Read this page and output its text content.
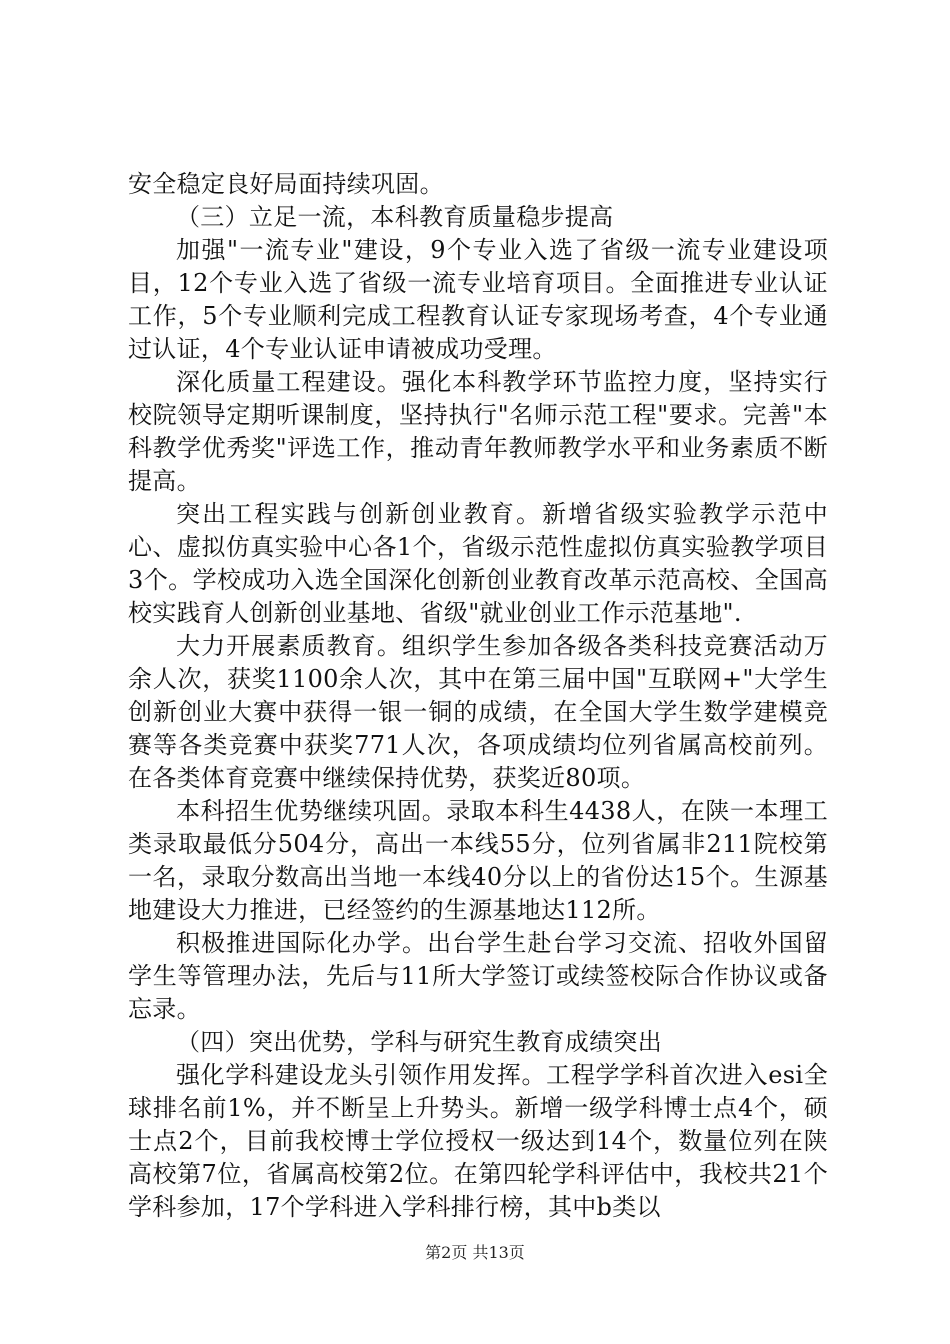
安全稳定良好局面持续巩固。

（三）立足一流，本科教育质量稳步提高

加强"一流专业"建设，9个专业入选了省级一流专业建设项目，12个专业入选了省级一流专业培育项目。全面推进专业认证工作，5个专业顺利完成工程教育认证专家现场考查，4个专业通过认证，4个专业认证申请被成功受理。

深化质量工程建设。强化本科教学环节监控力度，坚持实行校院领导定期听课制度，坚持执行"名师示范工程"要求。完善"本科教学优秀奖"评选工作，推动青年教师教学水平和业务素质不断提高。

突出工程实践与创新创业教育。新增省级实验教学示范中心、虚拟仿真实验中心各1个，省级示范性虚拟仿真实验教学项目3个。学校成功入选全国深化创新创业教育改革示范高校、全国高校实践育人创新创业基地、省级"就业创业工作示范基地".

大力开展素质教育。组织学生参加各级各类科技竞赛活动万余人次，获奖1100余人次，其中在第三届中国"互联网+"大学生创新创业大赛中获得一银一铜的成绩，在全国大学生数学建模竞赛等各类竞赛中获奖771人次，各项成绩均位列省属高校前列。在各类体育竞赛中继续保持优势，获奖近80项。

本科招生优势继续巩固。录取本科生4438人，在陕一本理工类录取最低分504分，高出一本线55分，位列省属非211院校第一名，录取分数高出当地一本线40分以上的省份达15个。生源基地建设大力推进，已经签约的生源基地达112所。

积极推进国际化办学。出台学生赴台学习交流、招收外国留学生等管理办法，先后与11所大学签订或续签校际合作协议或备忘录。

（四）突出优势，学科与研究生教育成绩突出

强化学科建设龙头引领作用发挥。工程学学科首次进入esi全球排名前1%，并不断呈上升势头。新增一级学科博士点4个，硕士点2个，目前我校博士学位授权一级达到14个，数量位列在陕高校第7位，省属高校第2位。在第四轮学科评估中，我校共21个学科参加，17个学科进入学科排行榜，其中b类以

第2页 共13页
